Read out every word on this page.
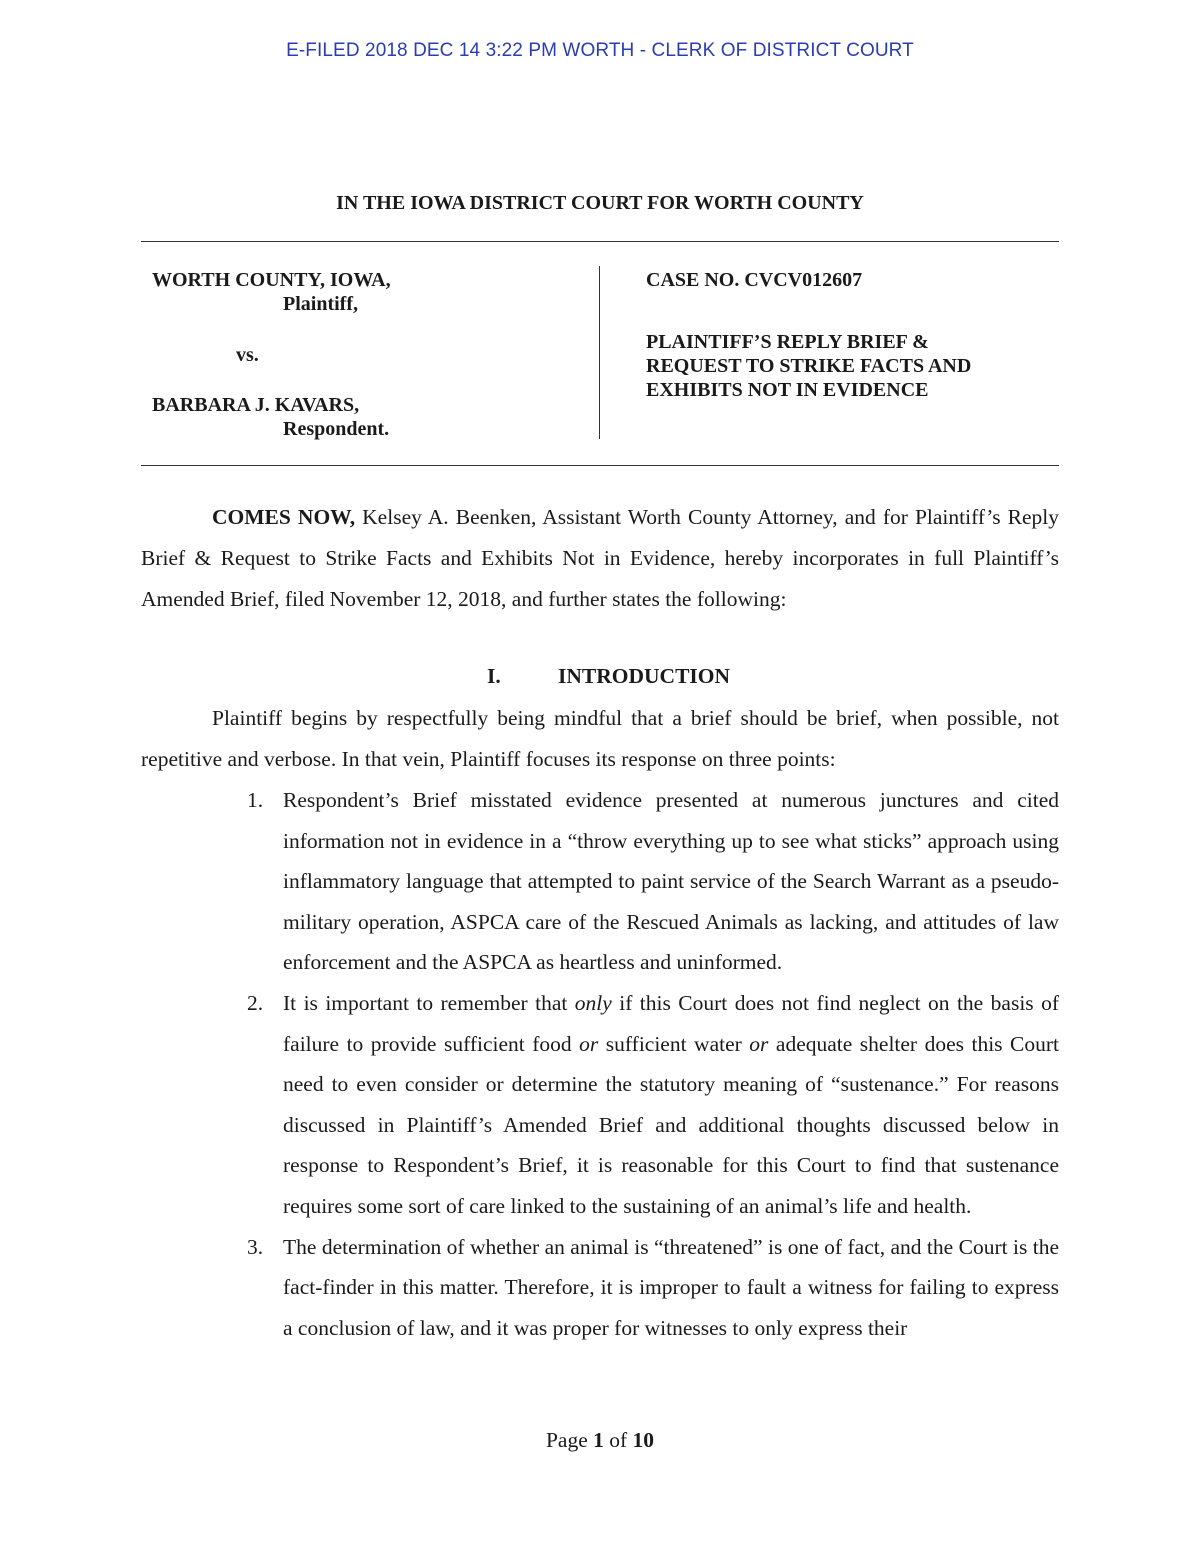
E-FILED 2018 DEC 14 3:22 PM WORTH - CLERK OF DISTRICT COURT
IN THE IOWA DISTRICT COURT FOR WORTH COUNTY
WORTH COUNTY, IOWA,
Plaintiff,
vs.
BARBARA J. KAVARS,
Respondent.
CASE NO. CVCV012607
PLAINTIFF’S REPLY BRIEF &
REQUEST TO STRIKE FACTS AND
EXHIBITS NOT IN EVIDENCE

COMES NOW, Kelsey A. Beenken, Assistant Worth County Attorney, and for Plaintiff’s Reply Brief & Request to Strike Facts and Exhibits Not in Evidence, hereby incorporates in full Plaintiff’s Amended Brief, filed November 12, 2018, and further states the following:

I.	INTRODUCTION

Plaintiff begins by respectfully being mindful that a brief should be brief, when possible, not repetitive and verbose. In that vein, Plaintiff focuses its response on three points:

1. Respondent’s Brief misstated evidence presented at numerous junctures and cited information not in evidence in a “throw everything up to see what sticks” approach using inflammatory language that attempted to paint service of the Search Warrant as a pseudo-military operation, ASPCA care of the Rescued Animals as lacking, and attitudes of law enforcement and the ASPCA as heartless and uninformed.
2. It is important to remember that only if this Court does not find neglect on the basis of failure to provide sufficient food or sufficient water or adequate shelter does this Court need to even consider or determine the statutory meaning of “sustenance.” For reasons discussed in Plaintiff’s Amended Brief and additional thoughts discussed below in response to Respondent’s Brief, it is reasonable for this Court to find that sustenance requires some sort of care linked to the sustaining of an animal’s life and health.
3. The determination of whether an animal is “threatened” is one of fact, and the Court is the fact-finder in this matter. Therefore, it is improper to fault a witness for failing to express a conclusion of law, and it was proper for witnesses to only express their
Page 1 of 10
